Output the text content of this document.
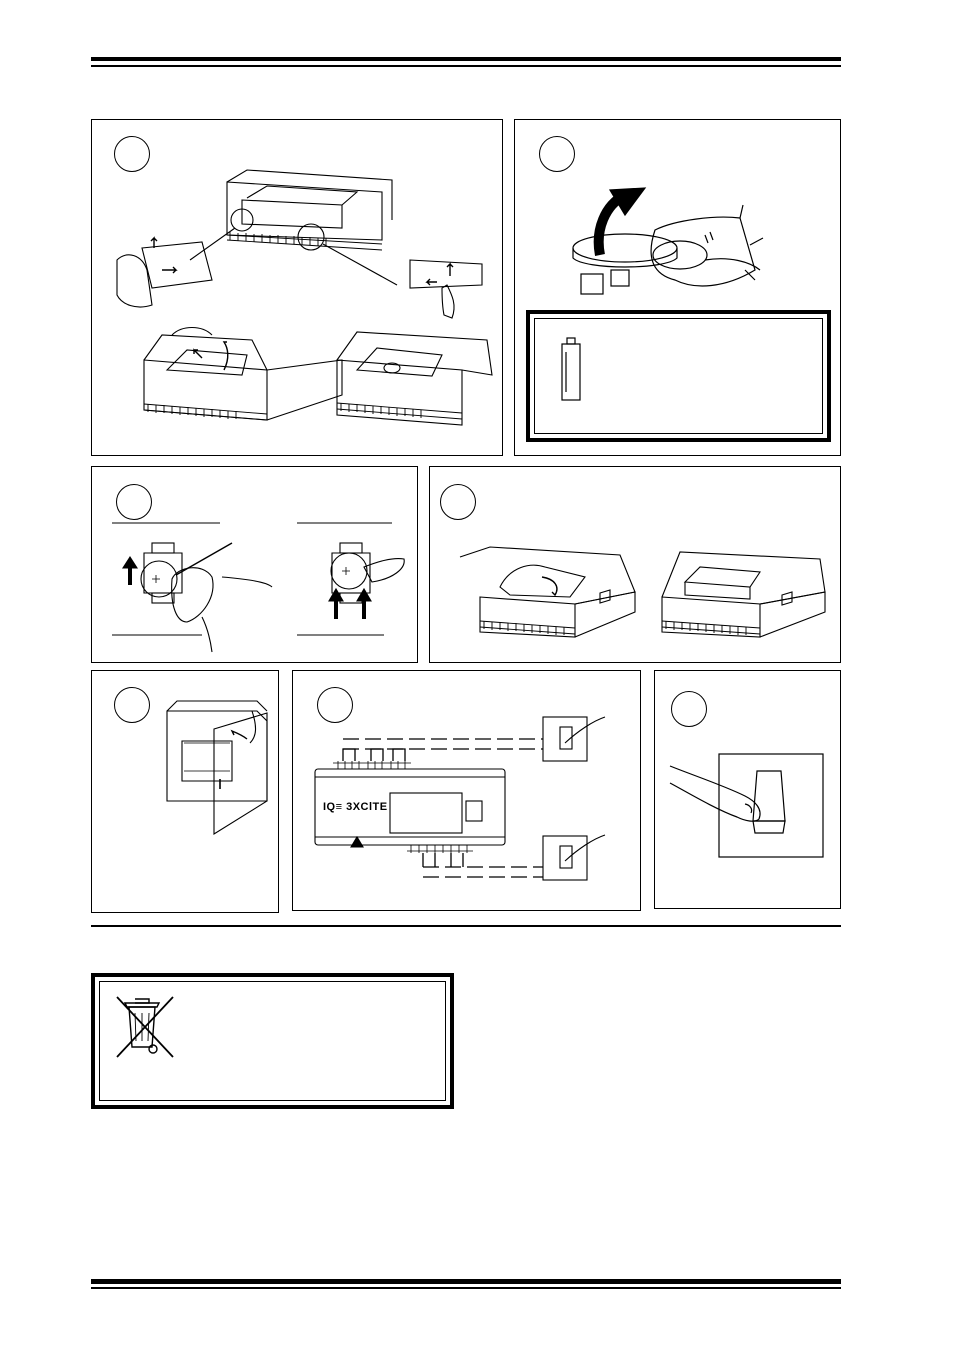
IQ≡ 3XClTE
